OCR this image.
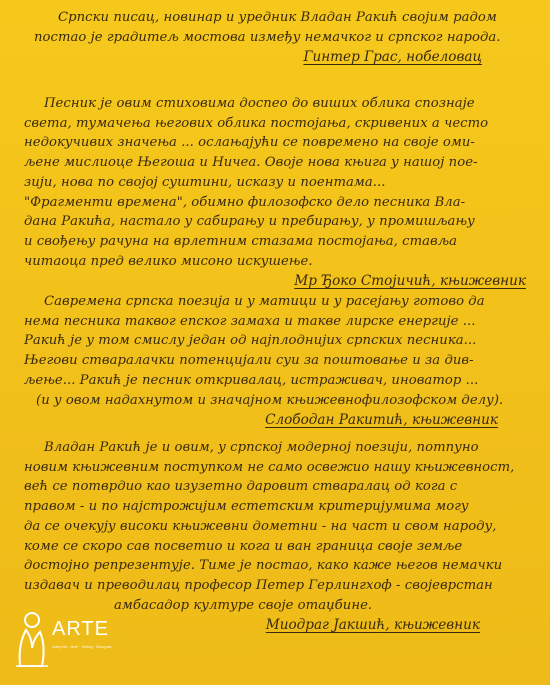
Српски писац, новинар и уредник Владан Ракић својим радом
постао је градитељ мостова између немачког и српског народа.
Гинтер Грас, нобеловац
Песник је овим стиховима доспео до виших облика спознаје
света, тумачења његових облика постојања, скривених а често
недокучивих значења ... ослањајући се повремено на своје оми-
љене мислиоце Његоша и Ничеа. Овоје нова књига у нашој пое-
зији, нова по својој суштини, исказу и поентама...
"Фрагменти времена", обимно филозофско дело песника Вла-
дана Ракића, настало у сабирању и пребирању, у промишљању
и свођењу рачуна на врлетним стазама постојања, ставља
читаоца пред велико мисоно искушење.
Мр Ђоко Стојичић, књижевник
Савремена српска поезија и у матици и у расејању готово да
нема песника таквог епског замаха и такве лирске енергије ...
Ракић је у том смислу један од најплоднијих српских песника...
Његови стваралачки потенцијали суи за поштовање и за див-
љење... Ракић је песник откривалац, истраживач, иноватор ...
(и у овом надахнутом и значајном књижевнофилозофском делу).
Слободан Ракитић, књижевник
Владан Ракић је и овим, у српској модерној поезији, потпуно
новим књижевним поступком не само освежио нашу књижевност,
већ се потврдио као изузетно даровит стваралац од кога с
правом - и по најстрожијим естетским критеријумима могу
да се очекују високи књижевни дометни - на част и свом народу,
коме се скоро сав посветио и кога и ван граница своје земље
достојно репрезентује. Тиме је постао, како каже његов немачки
издавач и преводилац професор Петер Герлингхоф - својеврстан
амбасадор културе своје отаџбине.
Миодраг Јакшић, књижевник
ARTE
Arteprint · Arte · Verlag · Beograd
